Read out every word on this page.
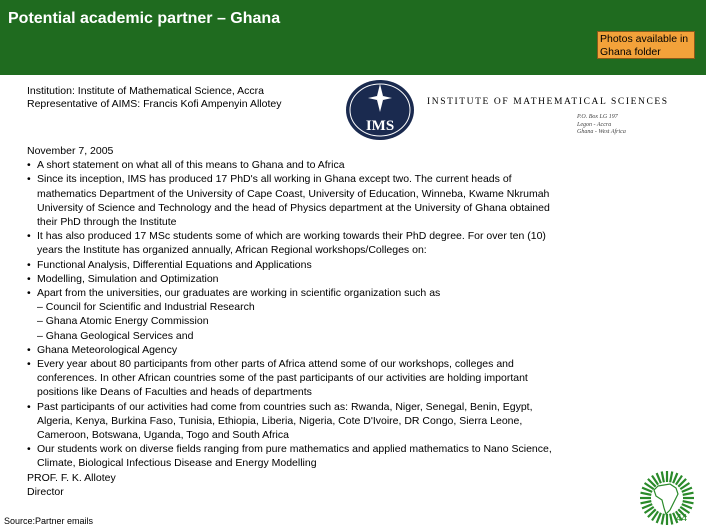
Potential academic partner – Ghana
Photos available in Ghana folder
Institution: Institute of Mathematical Science, Accra
Representative of AIMS: Francis Kofi Ampenyin Allotey
IMS
INSTITUTE OF MATHEMATICAL SCIENCES
P.O. Box LG 197
Legon - Accra
Ghana - West Africa
November 7, 2005
• A short statement on what all of this means to Ghana and to Africa
• Since its inception, IMS has produced 17 PhD's all working in Ghana except two. The current heads of
mathematics Department of the University of Cape Coast, University of Education, Winneba, Kwame Nkrumah
University of Science and Technology and the head of Physics department at the University of Ghana obtained
their PhD through the Institute
• It has also produced 17 MSc students some of which are working towards their PhD degree. For over ten (10)
years the Institute has organized annually, African Regional workshops/Colleges on:
• Functional Analysis, Differential Equations and Applications
• Modelling, Simulation and Optimization
• Apart from the universities, our graduates are working in scientific organization such as
– Council for Scientific and Industrial Research
– Ghana Atomic Energy Commission
– Ghana Geological Services and
• Ghana Meteorological Agency
• Every year about 80 participants from other parts of Africa attend some of our workshops, colleges and
conferences. In other African countries some of the past participants of our activities are holding important
positions like Deans of Faculties and heads of departments
• Past participants of our activities had come from countries such as: Rwanda, Niger, Senegal, Benin, Egypt,
Algeria, Kenya, Burkina Faso, Tunisia, Ethiopia, Liberia, Nigeria, Cote D'Ivoire, DR Congo, Sierra Leone,
Cameroon, Botswana, Uganda, Togo and South Africa
• Our students work on diverse fields ranging from pure mathematics and applied mathematics to Nano Science,
Climate, Biological Infectious Disease and Energy Modelling
PROF. F. K. Allotey
Director
Source:Partner emails	44
